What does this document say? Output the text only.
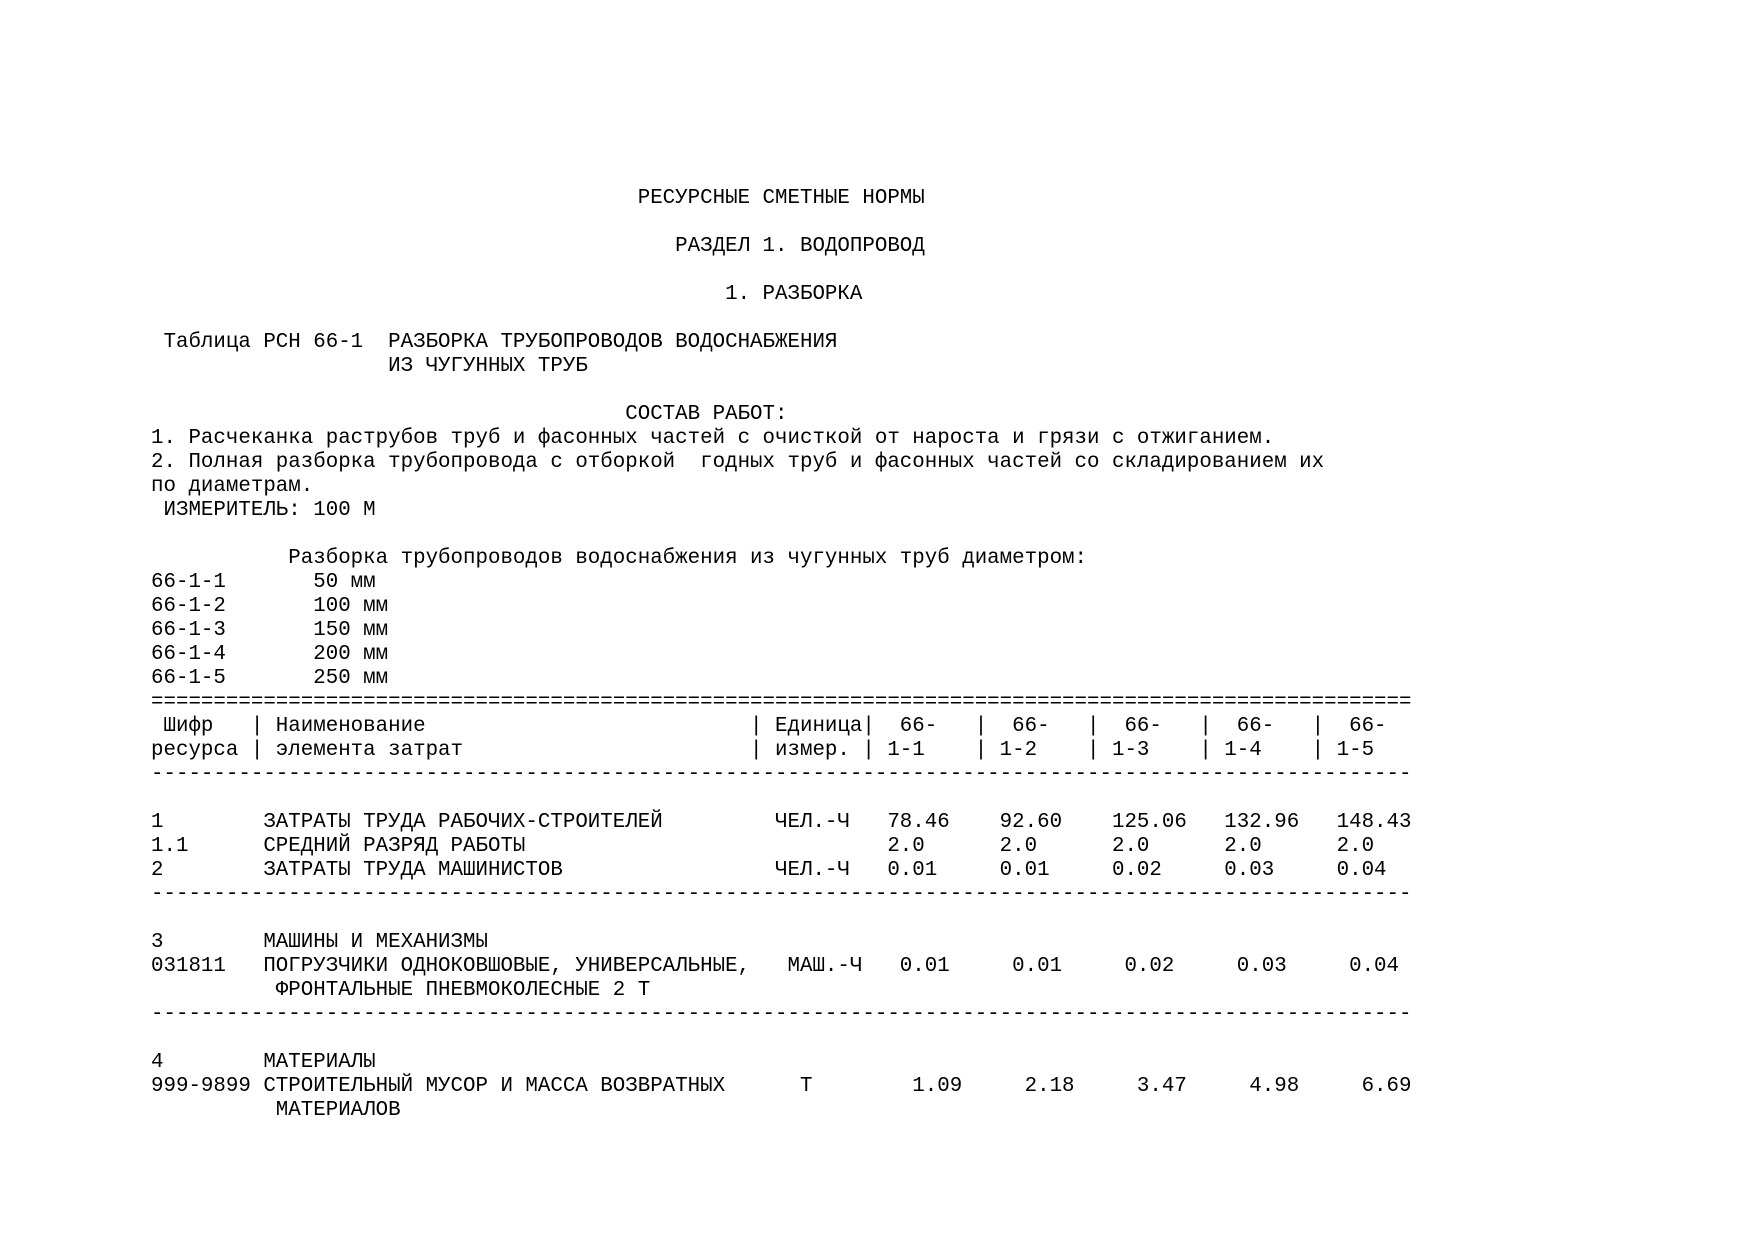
РЕСУРСНЫЕ СМЕТНЫЕ НОРМЫ
РАЗДЕЛ 1. ВОДОПРОВОД
1. РАЗБОРКА
Таблица РСН 66-1  РАЗБОРКА ТРУБОПРОВОДОВ ВОДОСНАБЖЕНИЯ
ИЗ ЧУГУННЫХ ТРУБ
СОСТАВ РАБОТ:
1. Расчеканка раструбов труб и фасонных частей с очисткой от нароста и грязи с отжиганием.
2. Полная разборка трубопровода с отборкой  годных труб и фасонных частей со складированием их
по диаметрам.
ИЗМЕРИТЕЛЬ: 100 М
Разборка трубопроводов водоснабжения из чугунных труб диаметром:
66-1-1       50 мм
66-1-2       100 мм
66-1-3       150 мм
66-1-4       200 мм
66-1-5       250 мм
=====================================================================================================
Шифр   | Наименование                          | Единица|  66-   |  66-   |  66-   |  66-   |  66-
ресурса | элемента затрат                       | измер. | 1-1    | 1-2    | 1-3    | 1-4    | 1-5
-----------------------------------------------------------------------------------------------------
1        ЗАТРАТЫ ТРУДА РАБОЧИХ-СТРОИТЕЛЕЙ         ЧЕЛ.-Ч   78.46    92.60    125.06   132.96   148.43
1.1      СРЕДНИЙ РАЗРЯД РАБОТЫ                             2.0      2.0      2.0      2.0      2.0
2        ЗАТРАТЫ ТРУДА МАШИНИСТОВ                 ЧЕЛ.-Ч   0.01     0.01     0.02     0.03     0.04
-----------------------------------------------------------------------------------------------------
3        МАШИНЫ И МЕХАНИЗМЫ
031811   ПОГРУЗЧИКИ ОДНОКОВШОВЫЕ, УНИВЕРСАЛЬНЫЕ,   МАШ.-Ч   0.01     0.01     0.02     0.03     0.04
ФРОНТАЛЬНЫЕ ПНЕВМОКОЛЕСНЫЕ 2 Т
-----------------------------------------------------------------------------------------------------
4        МАТЕРИАЛЫ
999-9899 СТРОИТЕЛЬНЫЙ МУСОР И МАССА ВОЗВРАТНЫХ      Т        1.09     2.18     3.47     4.98     6.69
МАТЕРИАЛОВ
